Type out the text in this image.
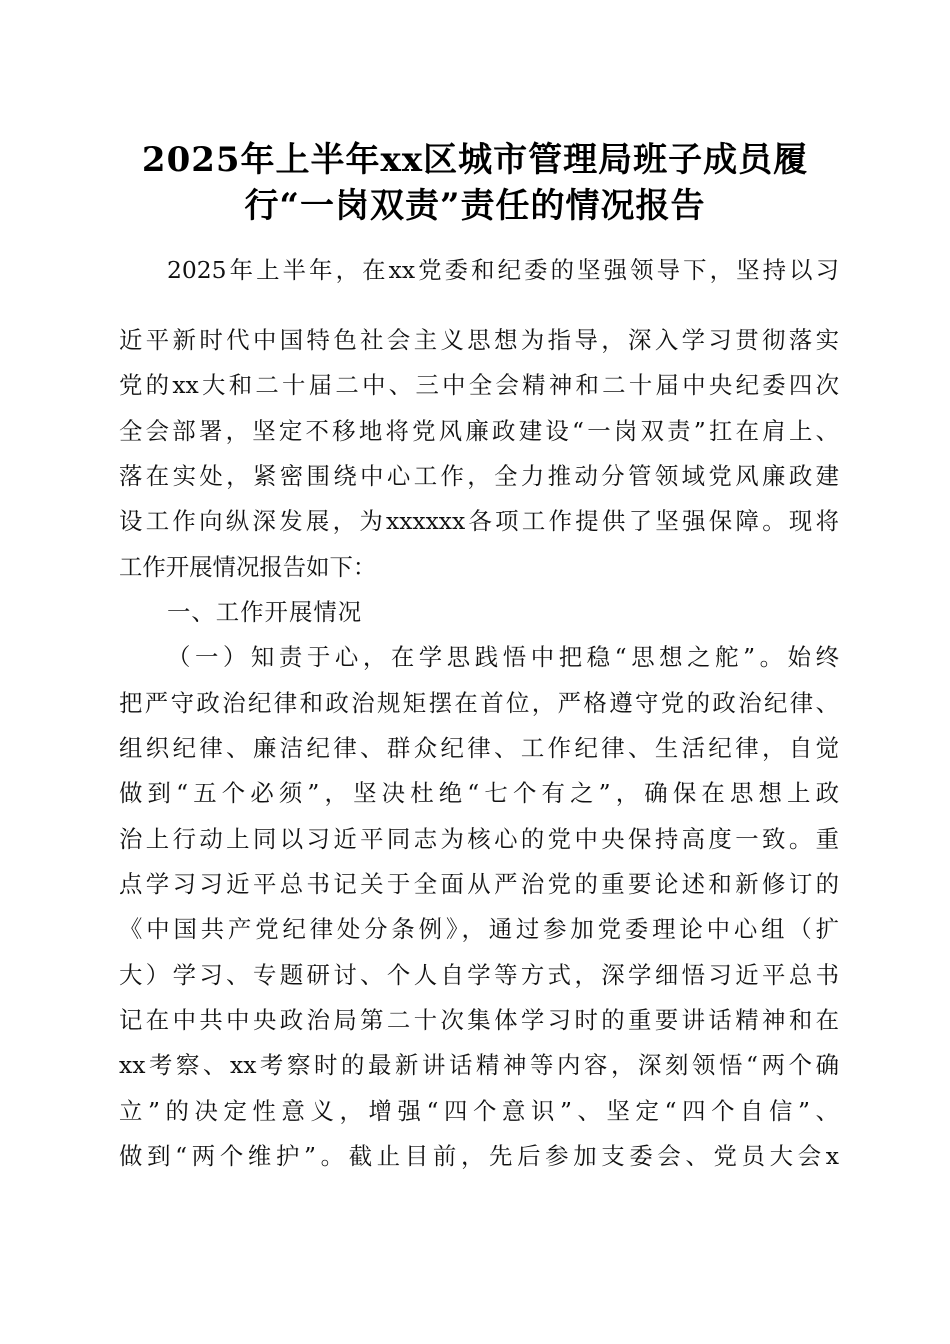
2025年上半年xx区城市管理局班子成员履
行“一岗双责”责任的情况报告
2025年上半年，在xx党委和纪委的坚强领导下，坚持以习
近平新时代中国特色社会主义思想为指导，深入学习贯彻落实
党的xx大和二十届二中、三中全会精神和二十届中央纪委四次
全会部署，坚定不移地将党风廉政建设“一岗双责”扛在肩上、
落在实处，紧密围绕中心工作，全力推动分管领域党风廉政建
设工作向纵深发展，为xxxxxx各项工作提供了坚强保障。现将
工作开展情况报告如下：
一、工作开展情况
（一）知责于心，在学思践悟中把稳“思想之舵”。始终
把严守政治纪律和政治规矩摆在首位，严格遵守党的政治纪律、
组织纪律、廉洁纪律、群众纪律、工作纪律、生活纪律，自觉
做到“五个必须”，坚决杜绝“七个有之”，确保在思想上政
治上行动上同以习近平同志为核心的党中央保持高度一致。重
点学习习近平总书记关于全面从严治党的重要论述和新修订的
《中国共产党纪律处分条例》，通过参加党委理论中心组（扩
大）学习、专题研讨、个人自学等方式，深学细悟习近平总书
记在中共中央政治局第二十次集体学习时的重要讲话精神和在
xx考察、xx考察时的最新讲话精神等内容，深刻领悟“两个确
立”的决定性意义，增强“四个意识”、坚定“四个自信”、
做到“两个维护”。截止目前，先后参加支委会、党员大会x
